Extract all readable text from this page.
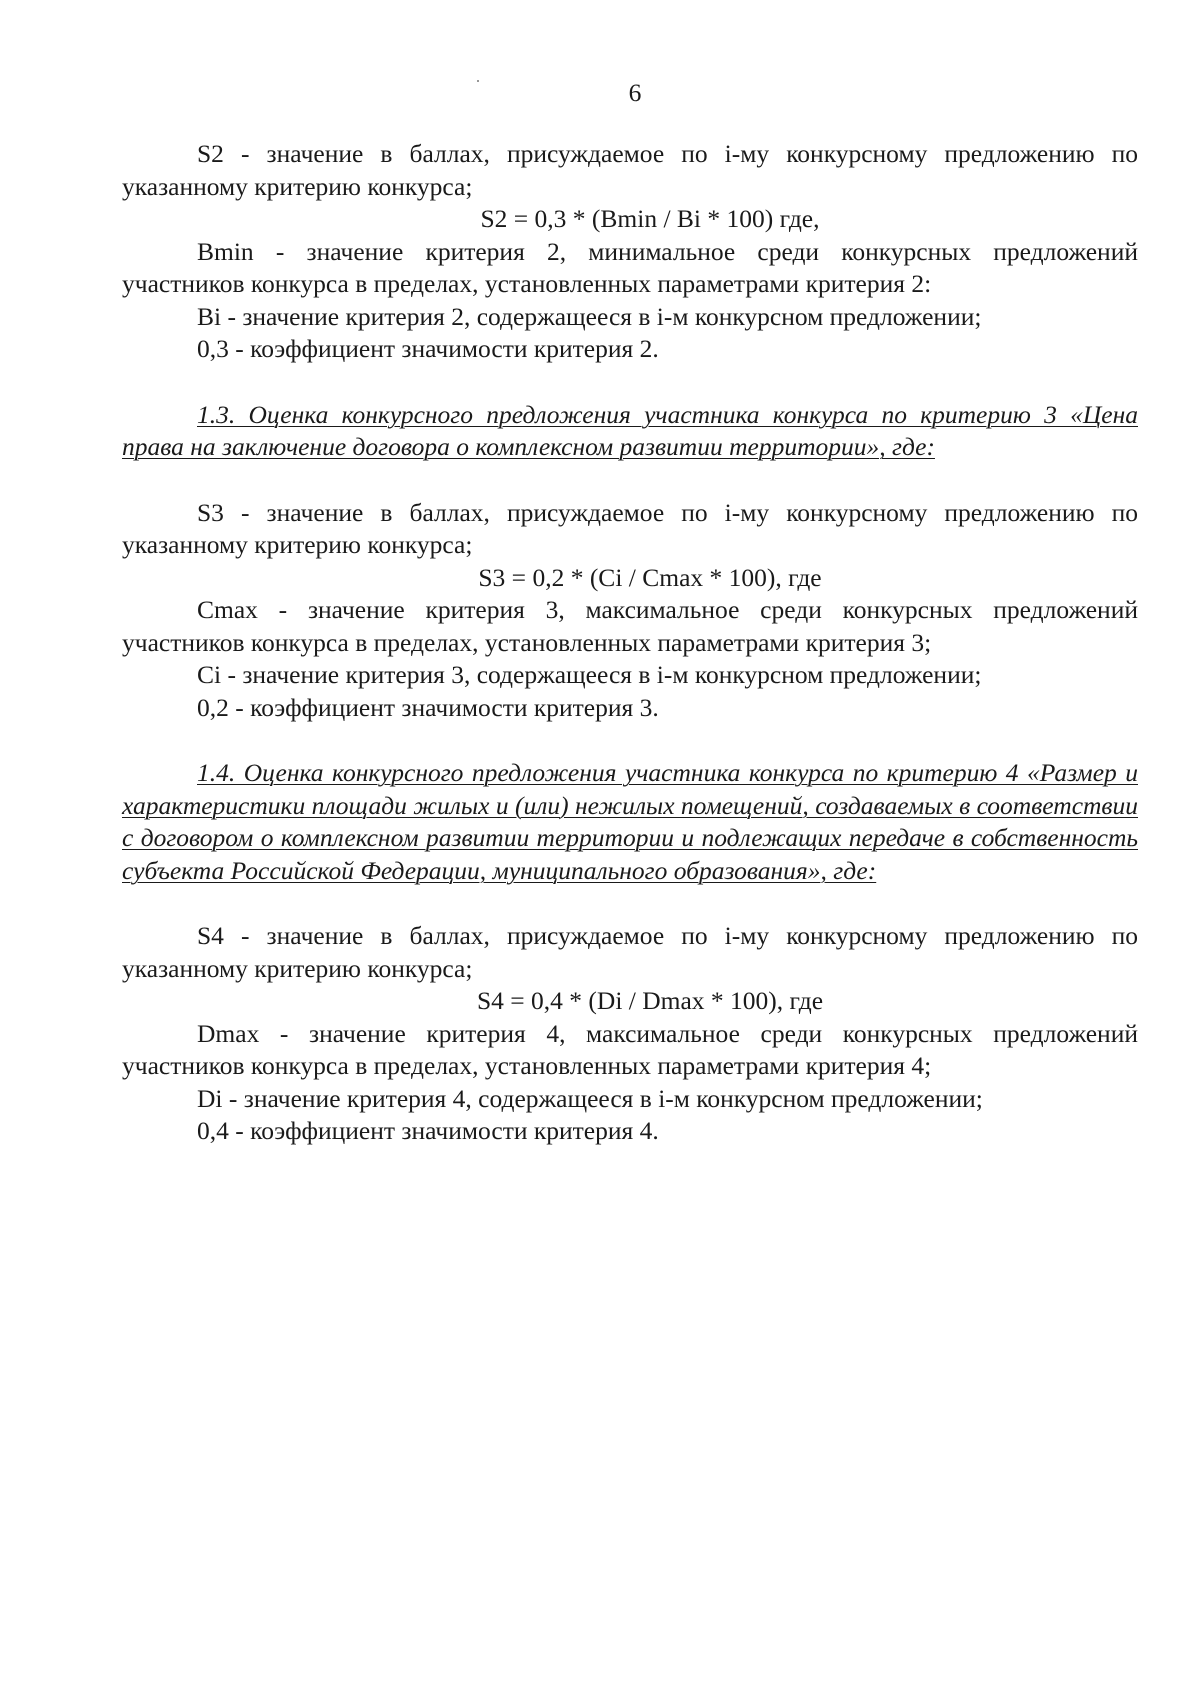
6

S2 - значение в баллах, присуждаемое по i-му конкурсному предложению по указанному критерию конкурса;

S2 = 0,3 * (Bmin / Bi * 100) где,

Bmin - значение критерия 2, минимальное среди конкурсных предложений участников конкурса в пределах, установленных параметрами критерия 2:

Bi - значение критерия 2, содержащееся в i-м конкурсном предложении;

0,3 - коэффициент значимости критерия 2.

1.3. Оценка конкурсного предложения участника конкурса по критерию 3 «Цена права на заключение договора о комплексном развитии территории», где:

S3 - значение в баллах, присуждаемое по i-му конкурсному предложению по указанному критерию конкурса;

S3 = 0,2 * (Ci / Cmax * 100), где

Cmax - значение критерия 3, максимальное среди конкурсных предложений участников конкурса в пределах, установленных параметрами критерия 3;

Ci - значение критерия 3, содержащееся в i-м конкурсном предложении;

0,2 - коэффициент значимости критерия 3.

1.4. Оценка конкурсного предложения участника конкурса по критерию 4 «Размер и характеристики площади жилых и (или) нежилых помещений, создаваемых в соответствии с договором о комплексном развитии территории и подлежащих передаче в собственность субъекта Российской Федерации, муниципального образования», где:

S4 - значение в баллах, присуждаемое по i-му конкурсному предложению по указанному критерию конкурса;

S4 = 0,4 * (Di / Dmax * 100), где

Dmax - значение критерия 4, максимальное среди конкурсных предложений участников конкурса в пределах, установленных параметрами критерия 4;

Di - значение критерия 4, содержащееся в i-м конкурсном предложении;

0,4 - коэффициент значимости критерия 4.
